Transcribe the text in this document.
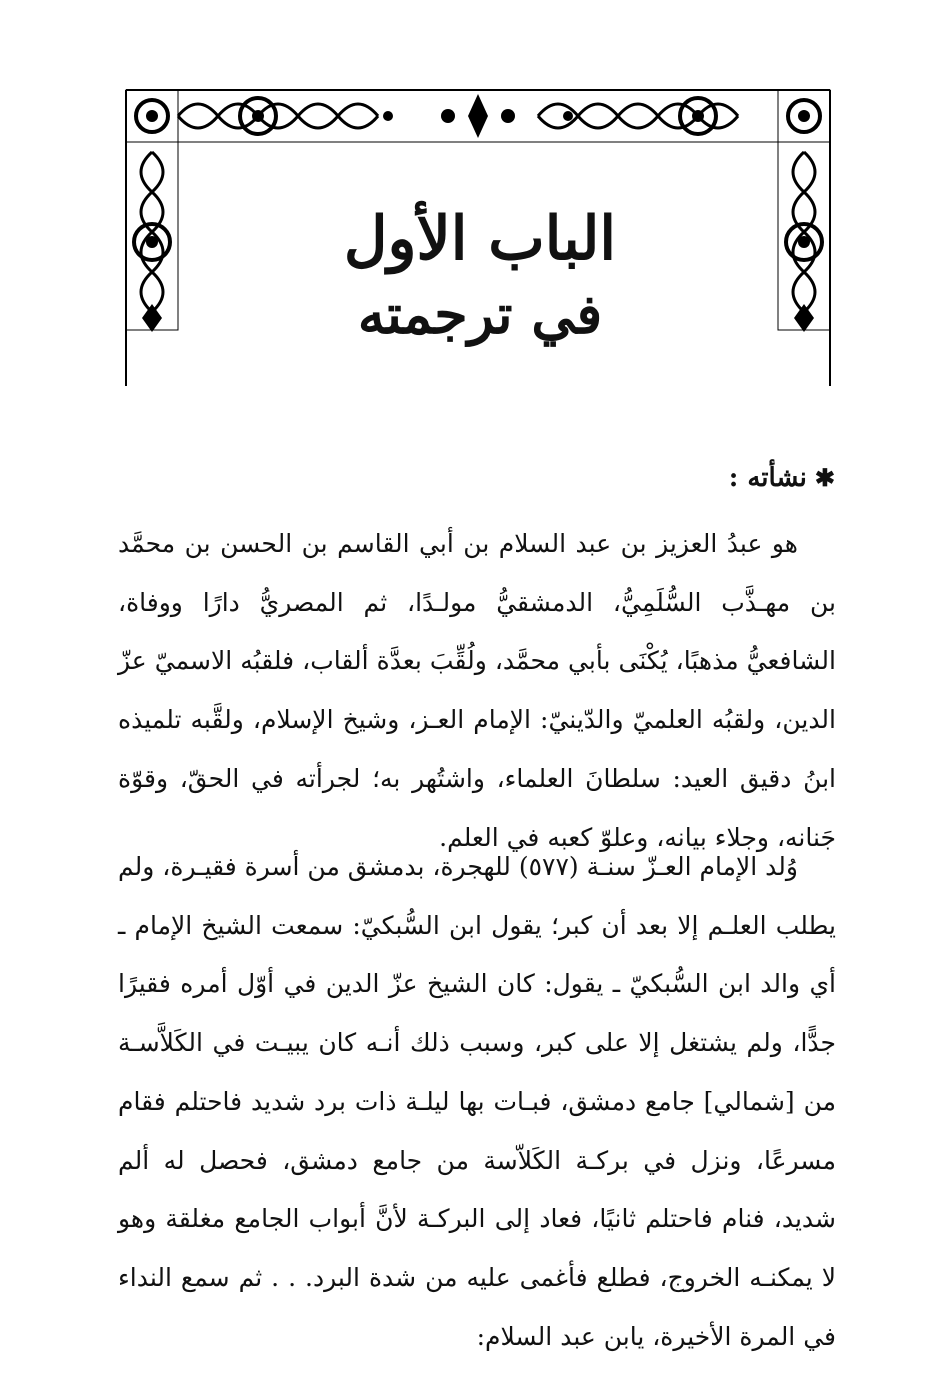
الباب الأول

في ترجمته

✱
نشأته :

هو عبدُ العزيز بن عبد السلام بن أبي القاسم بن الحسن بن محمَّد بن مهـذَّب السُّلَمِيُّ، الدمشقيُّ مولـدًا، ثم المصريُّ دارًا ووفاة، الشافعيُّ مذهبًا، يُكْنَى بأبي محمَّد، ولُقِّبَ بعدَّة ألقاب، فلقبُه الاسميّ عزّ الدين، ولقبُه العلميّ والدّينيّ: الإمام العـز، وشيخ الإسلام، ولقَّبه تلميذه ابنُ دقيق العيد: سلطانَ العلماء، واشتُهر به؛ لجرأته في الحقّ، وقوّة جَنانه، وجلاء بيانه، وعلوّ كعبه في العلم.

وُلد الإمام العـزّ سنـة (٥٧٧) للهجرة، بدمشق من أسرة فقيـرة، ولم يطلب العلـم إلا بعد أن كبر؛ يقول ابن السُّبكيّ: سمعت الشيخ الإمام ـ أي والد ابن السُّبكيّ ـ يقول: كان الشيخ عزّ الدين في أوّل أمره فقيرًا جدًّا، ولم يشتغل إلا على كبر، وسبب ذلك أنـه كان يبيـت في الكَلاَّسـة من [شمالي] جامع دمشق، فبـات بها ليلـة ذات برد شديد فاحتلم فقام مسرعًا، ونزل في بركـة الكَلاّسة من جامع دمشق، فحصل له ألم شديد، فنام فاحتلم ثانيًا، فعاد إلى البركـة لأنَّ أبواب الجامع مغلقة وهو لا يمكنـه الخروج، فطلع فأغمى عليه من شدة البرد. . . ثم سمع النداء في المرة الأخيرة، يابن عبد السلام:
